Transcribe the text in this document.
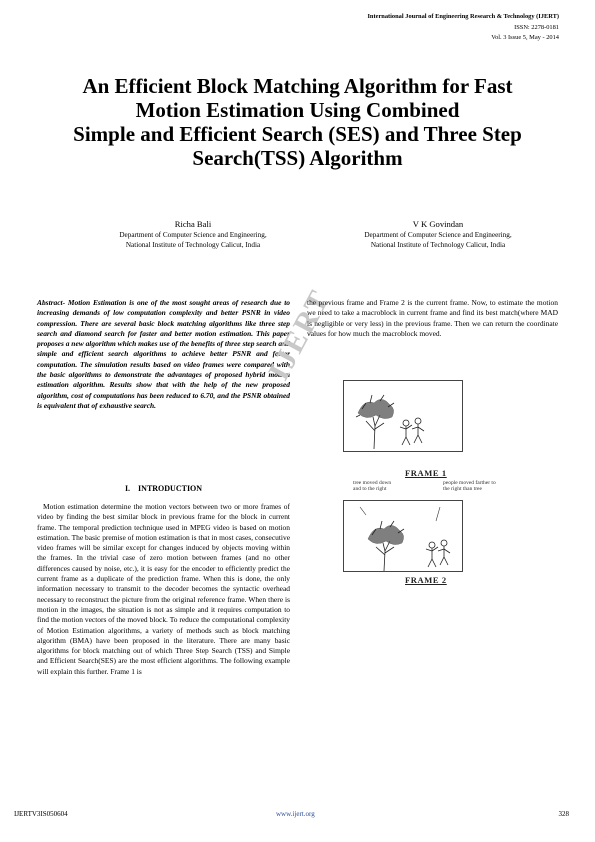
International Journal of Engineering Research & Technology (IJERT)
ISSN: 2278-0181
Vol. 3 Issue 5, May - 2014
An Efficient Block Matching Algorithm for Fast
Motion Estimation Using Combined
Simple and Efficient Search (SES) and Three Step
Search(TSS) Algorithm
Richa Bali
Department of Computer Science and Engineering,
National Institute of Technology Calicut, India
V K Govindan
Department of Computer Science and Engineering,
National Institute of Technology Calicut, India

Abstract- Motion Estimation is one of the most sought areas of research due to increasing demands of low computation complexity and better PSNR in video compression. There are several basic block matching algorithms like three step search and diamond search for faster and better motion estimation. This paper proposes a new algorithm which makes use of the benefits of three step search and simple and efficient search algorithms to achieve better PSNR and faster computation. The simulation results based on video frames were compared with the basic algorithms to demonstrate the advantages of proposed hybrid motion estimation algorithm. Results show that with the help of the new proposed algorithm, cost of computations has been reduced to 6.70, and the PSNR obtained is equivalent that of exhaustive search.

IJERT
I.    INTRODUCTION

Motion estimation determine the motion vectors between two or more frames of video by finding the best similar block in previous frame for the block in current frame. The temporal prediction technique used in MPEG video is based on motion estimation. The basic premise of motion estimation is that in most cases, consecutive video frames will be similar except for changes induced by objects moving within the frames. In the trivial case of zero motion between frames (and no other differences caused by noise, etc.), it is easy for the encoder to efficiently predict the current frame as a duplicate of the prediction frame. When this is done, the only information necessary to transmit to the decoder becomes the syntactic overhead necessary to reconstruct the picture from the original reference frame. When there is motion in the images, the situation is not as simple and it requires computation to find the motion vectors of the moved block. To reduce the computational complexity of Motion Estimation algorithms, a variety of methods such as block matching algorithm (BMA) have been proposed in the literature. There are many basic algorithms for block matching out of which Three Step Search (TSS) and Simple and Efficient Search(SES) are the most efficient algorithms. The following example will explain this further. Frame 1 is

the previous frame and Frame 2 is the current frame. Now, to estimate the motion we need to take a macroblock in current frame and find its best match(where MAD is negligible or very less) in the previous frame. Then we can return the coordinate values for how much the macroblock moved.

FRAME 1
tree moved down
and to the right
people moved farther to
the right than tree
FRAME 2
IJERTV3IS050604	www.ijert.org	328
